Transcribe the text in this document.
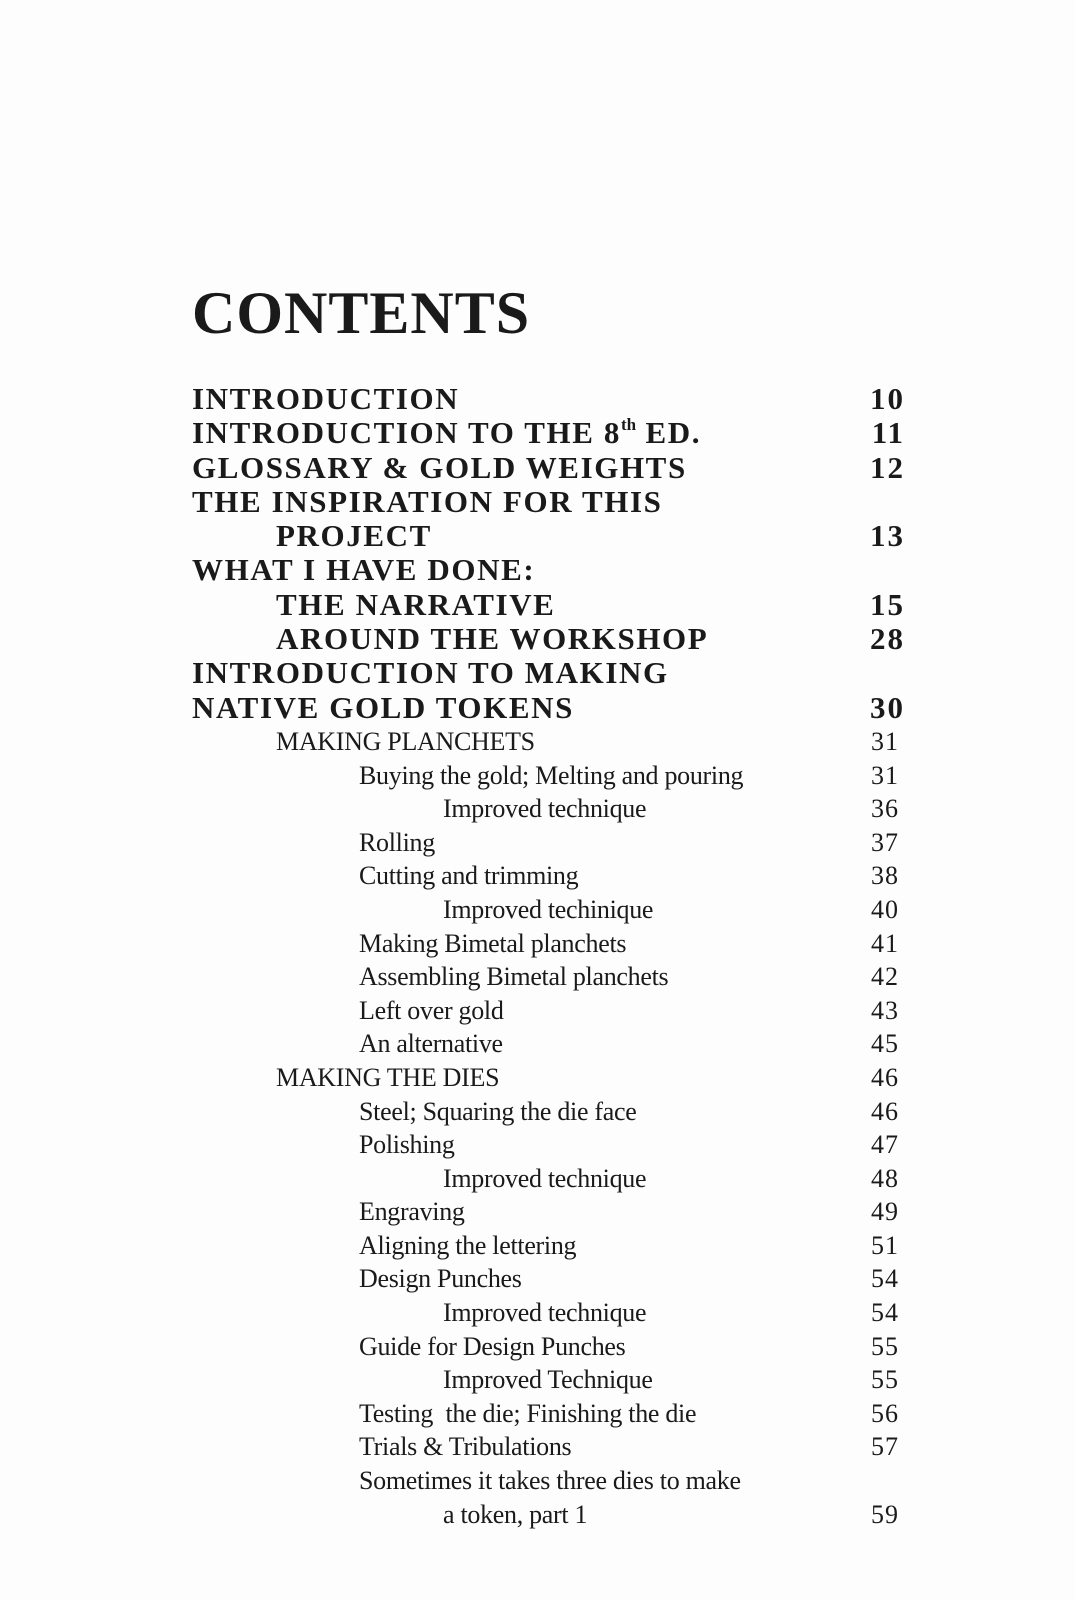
CONTENTS
INTRODUCTION	10
INTRODUCTION TO THE 8th ED.	11
GLOSSARY & GOLD WEIGHTS	12
THE INSPIRATION FOR THIS
PROJECT	13
WHAT I HAVE DONE:
THE NARRATIVE	15
AROUND THE WORKSHOP	28
INTRODUCTION TO MAKING
NATIVE GOLD TOKENS	30
MAKING PLANCHETS	31
Buying the gold; Melting and pouring	31
Improved technique	36
Rolling	37
Cutting and trimming	38
Improved techinique	40
Making Bimetal planchets	41
Assembling Bimetal planchets	42
Left over gold	43
An alternative	45
MAKING THE DIES	46
Steel; Squaring the die face	46
Polishing	47
Improved technique	48
Engraving	49
Aligning the lettering	51
Design Punches	54
Improved technique	54
Guide for Design Punches	55
Improved Technique	55
Testing  the die; Finishing the die	56
Trials & Tribulations	57
Sometimes it takes three dies to make
a token, part 1	59
